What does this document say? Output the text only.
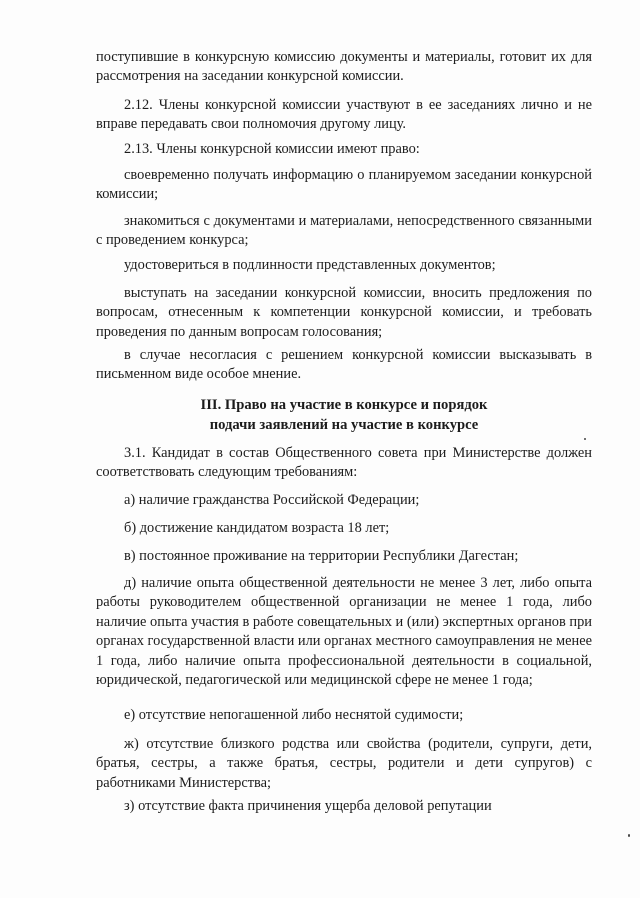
поступившие в конкурсную комиссию документы и материалы, готовит их для рассмотрения на заседании конкурсной комиссии.

2.12. Члены конкурсной комиссии участвуют в ее заседаниях лично и не вправе передавать свои полномочия другому лицу.

2.13. Члены конкурсной комиссии имеют право:

своевременно получать информацию о планируемом заседании конкурсной комиссии;

знакомиться с документами и материалами, непосредственного связанными с проведением конкурса;

удостовериться в подлинности представленных документов;

выступать на заседании конкурсной комиссии, вносить предложения по вопросам, отнесенным к компетенции конкурсной комиссии, и требовать проведения по данным вопросам голосования;

в случае несогласия с решением конкурсной комиссии высказывать в письменном виде особое мнение.

III. Право на участие в конкурсе и порядок
подачи заявлений на участие в конкурсе

3.1. Кандидат в состав Общественного совета при Министерстве должен соответствовать следующим требованиям:

а) наличие гражданства Российской Федерации;

б) достижение кандидатом возраста 18 лет;

в) постоянное проживание на территории Республики Дагестан;

д) наличие опыта общественной деятельности не менее 3 лет, либо опыта работы руководителем общественной организации не менее 1 года, либо наличие опыта участия в работе совещательных и (или) экспертных органов при органах государственной власти или органах местного самоуправления не менее 1 года, либо наличие опыта профессиональной деятельности в социальной, юридической, педагогической или медицинской сфере не менее 1 года;

е) отсутствие непогашенной либо неснятой судимости;

ж) отсутствие близкого родства или свойства (родители, супруги, дети, братья, сестры, а также братья, сестры, родители и дети супругов) с работниками Министерства;

з) отсутствие факта причинения ущерба деловой репутации
